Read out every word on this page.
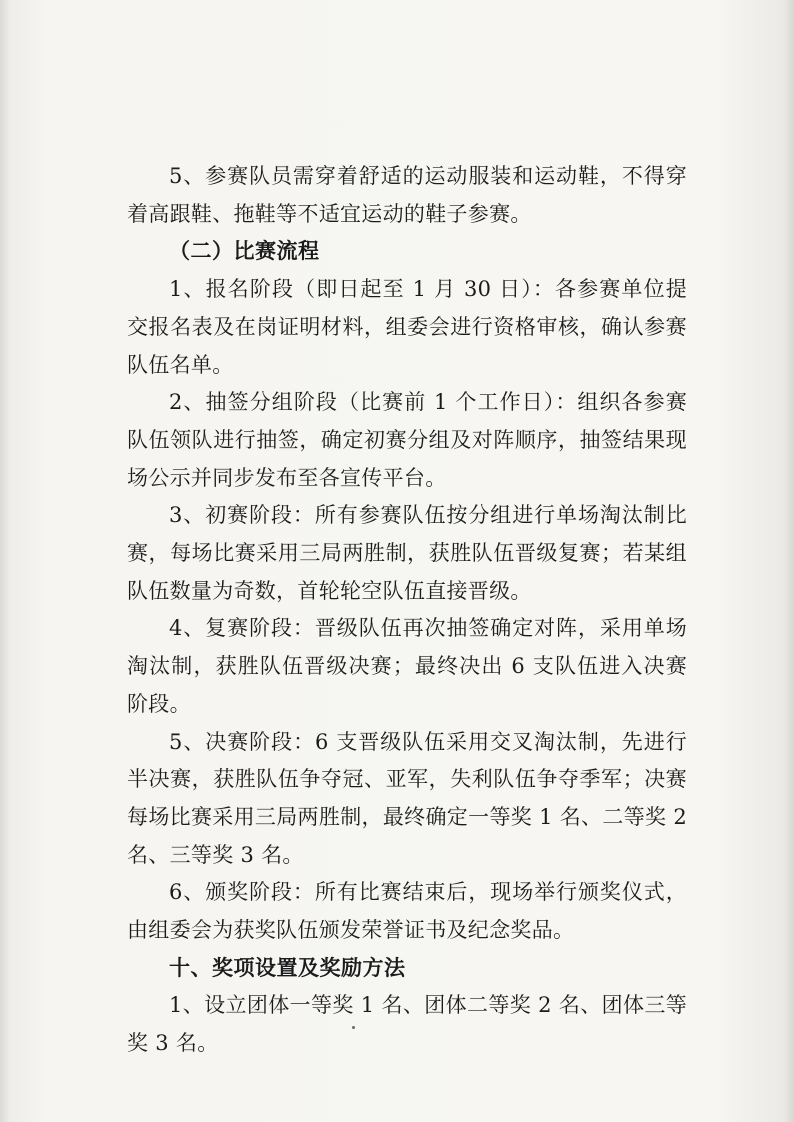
5、参赛队员需穿着舒适的运动服装和运动鞋，不得穿着高跟鞋、拖鞋等不适宜运动的鞋子参赛。

（二）比赛流程

1、报名阶段（即日起至 1 月 30 日）：各参赛单位提交报名表及在岗证明材料，组委会进行资格审核，确认参赛队伍名单。

2、抽签分组阶段（比赛前 1 个工作日）：组织各参赛队伍领队进行抽签，确定初赛分组及对阵顺序，抽签结果现场公示并同步发布至各宣传平台。

3、初赛阶段：所有参赛队伍按分组进行单场淘汰制比赛，每场比赛采用三局两胜制，获胜队伍晋级复赛；若某组队伍数量为奇数，首轮轮空队伍直接晋级。

4、复赛阶段：晋级队伍再次抽签确定对阵，采用单场淘汰制，获胜队伍晋级决赛；最终决出 6 支队伍进入决赛阶段。

5、决赛阶段：6 支晋级队伍采用交叉淘汰制，先进行半决赛，获胜队伍争夺冠、亚军，失利队伍争夺季军；决赛每场比赛采用三局两胜制，最终确定一等奖 1 名、二等奖 2 名、三等奖 3 名。

6、颁奖阶段：所有比赛结束后，现场举行颁奖仪式，由组委会为获奖队伍颁发荣誉证书及纪念奖品。

十、奖项设置及奖励方法

1、设立团体一等奖 1 名、团体二等奖 2 名、团体三等奖 3 名。
